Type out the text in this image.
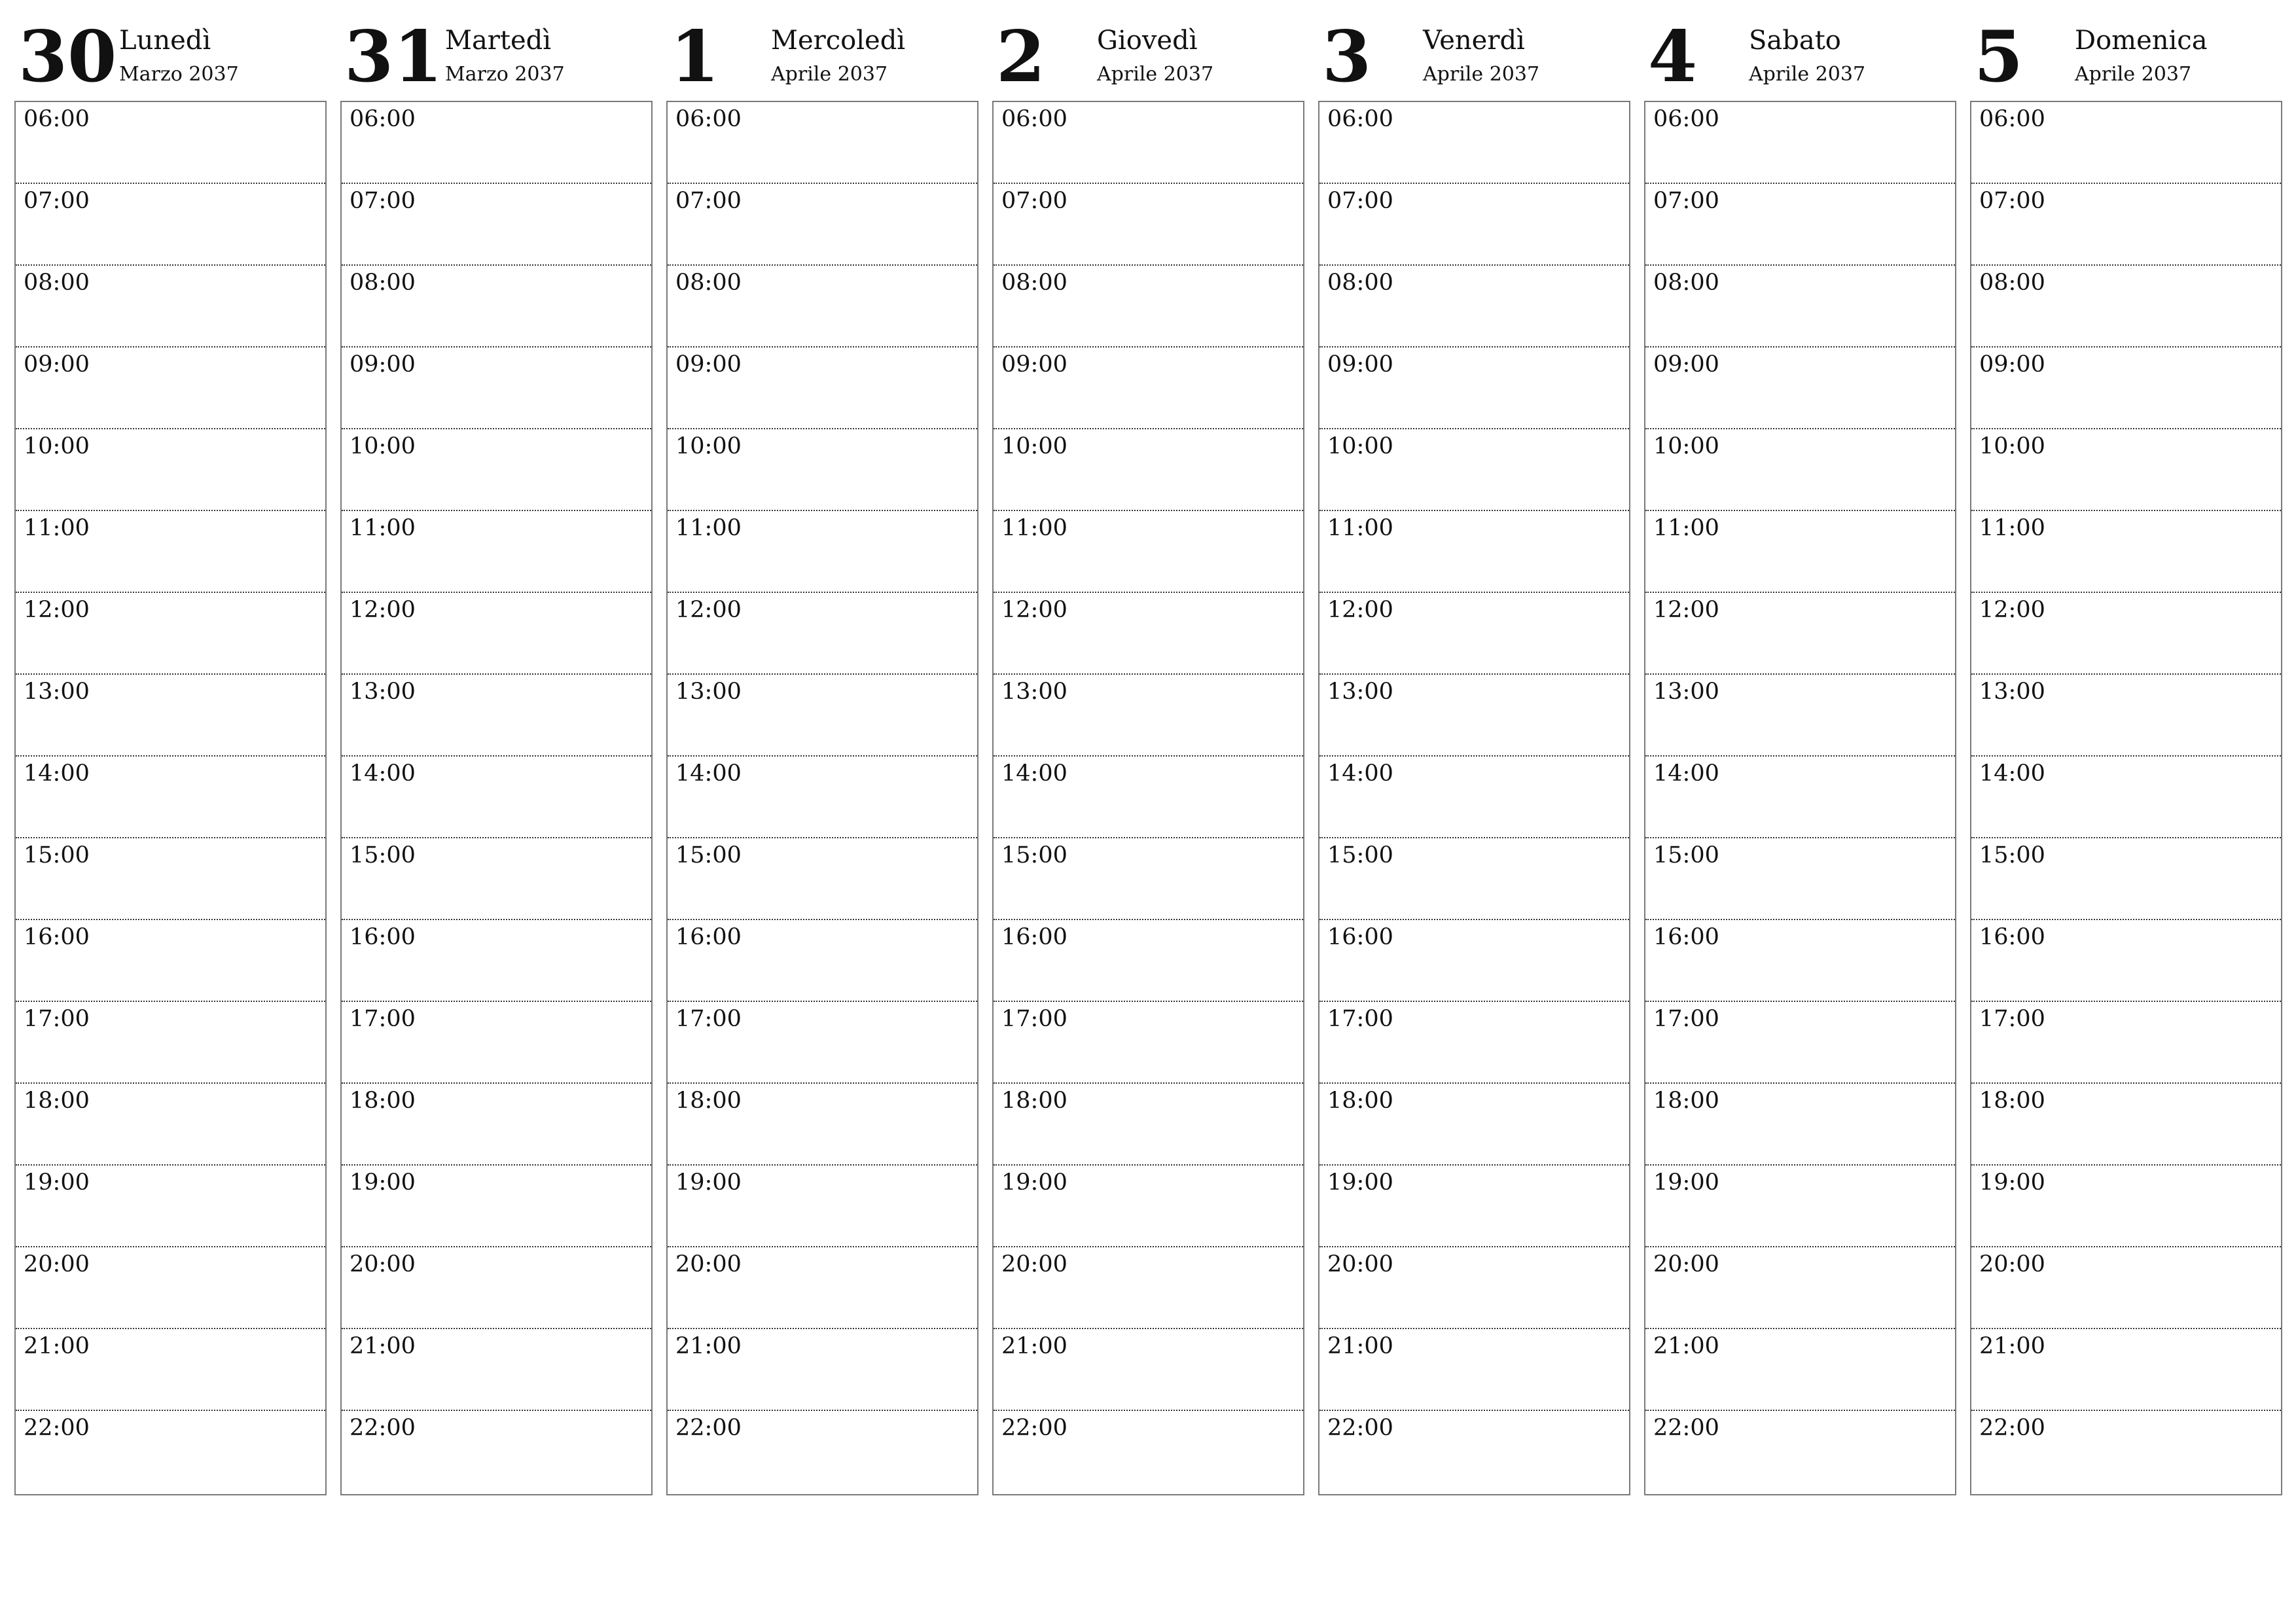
30 Lunedì
Marzo 2037
06:00
07:00
08:00
09:00
10:00
11:00
12:00
13:00
14:00
15:00
16:00
17:00
18:00
19:00
20:00
21:00
22:00
31 Martedì
Marzo 2037
06:00
07:00
08:00
09:00
10:00
11:00
12:00
13:00
14:00
15:00
16:00
17:00
18:00
19:00
20:00
21:00
22:00
1 Mercoledì
Aprile 2037
06:00
07:00
08:00
09:00
10:00
11:00
12:00
13:00
14:00
15:00
16:00
17:00
18:00
19:00
20:00
21:00
22:00
2 Giovedì
Aprile 2037
06:00
07:00
08:00
09:00
10:00
11:00
12:00
13:00
14:00
15:00
16:00
17:00
18:00
19:00
20:00
21:00
22:00
3 Venerdì
Aprile 2037
06:00
07:00
08:00
09:00
10:00
11:00
12:00
13:00
14:00
15:00
16:00
17:00
18:00
19:00
20:00
21:00
22:00
4 Sabato
Aprile 2037
06:00
07:00
08:00
09:00
10:00
11:00
12:00
13:00
14:00
15:00
16:00
17:00
18:00
19:00
20:00
21:00
22:00
5 Domenica
Aprile 2037
06:00
07:00
08:00
09:00
10:00
11:00
12:00
13:00
14:00
15:00
16:00
17:00
18:00
19:00
20:00
21:00
22:00
